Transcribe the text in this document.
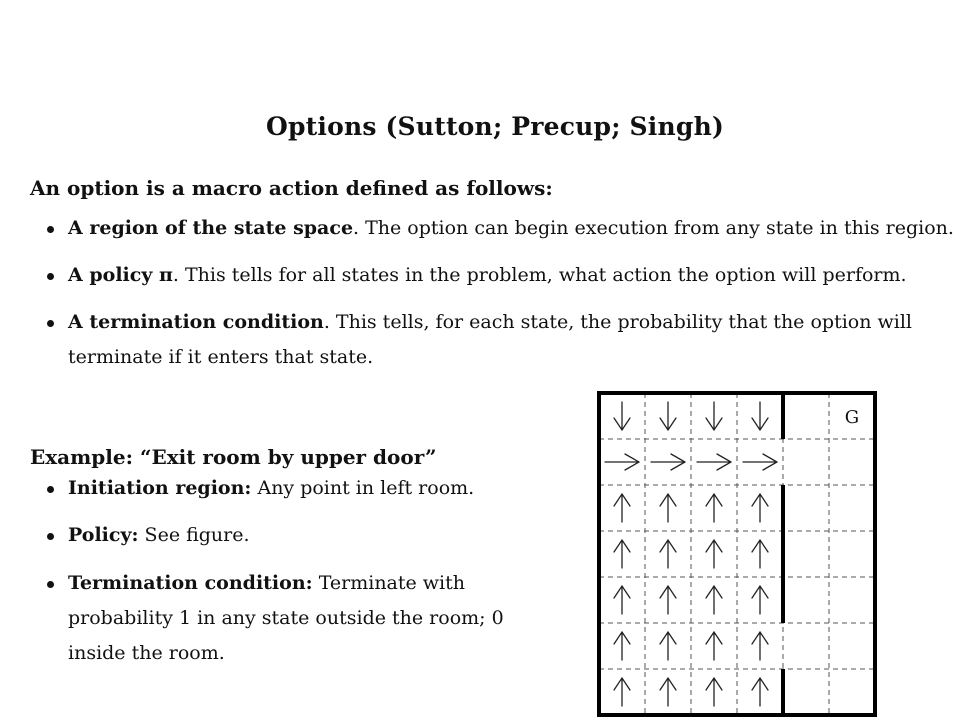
Options (Sutton; Precup; Singh)
An option is a macro action defined as follows:
A region of the state space. The option can begin execution from any state in this region.
A policy π. This tells for all states in the problem, what action the option will perform.
A termination condition. This tells, for each state, the probability that the option will
terminate if it enters that state.
Example: “Exit room by upper door”
Initiation region: Any point in left room.
Policy: See figure.
Termination condition: Terminate with
probability 1 in any state outside the room; 0
inside the room.
G
